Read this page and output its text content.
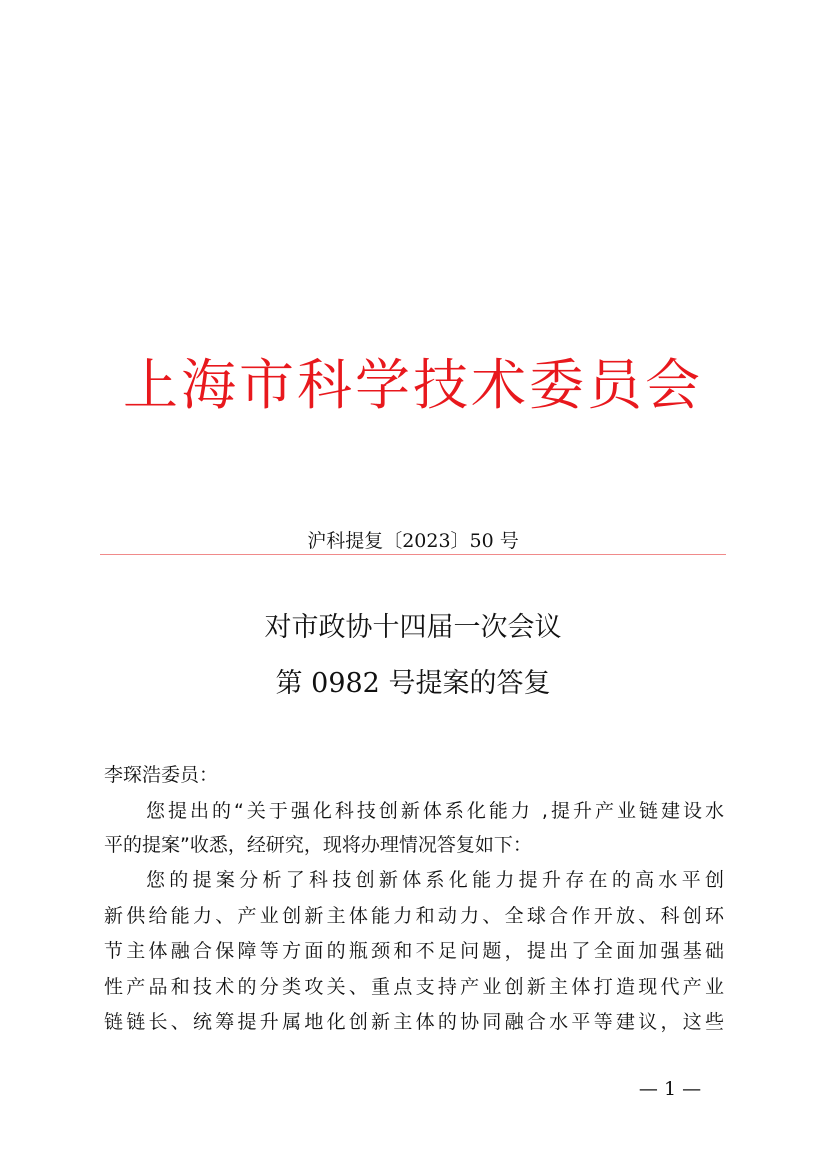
上海市科学技术委员会
沪科提复〔2023〕50 号
对市政协十四届一次会议
第 0982 号提案的答复
李琛浩委员：
您提出的“关于强化科技创新体系化能力 ,提升产业链建设水
平的提案”收悉，经研究，现将办理情况答复如下：
您的提案分析了科技创新体系化能力提升存在的高水平创
新供给能力、产业创新主体能力和动力、全球合作开放、科创环
节主体融合保障等方面的瓶颈和不足问题，提出了全面加强基础
性产品和技术的分类攻关、重点支持产业创新主体打造现代产业
链链长、统筹提升属地化创新主体的协同融合水平等建议，这些
— 1 —
